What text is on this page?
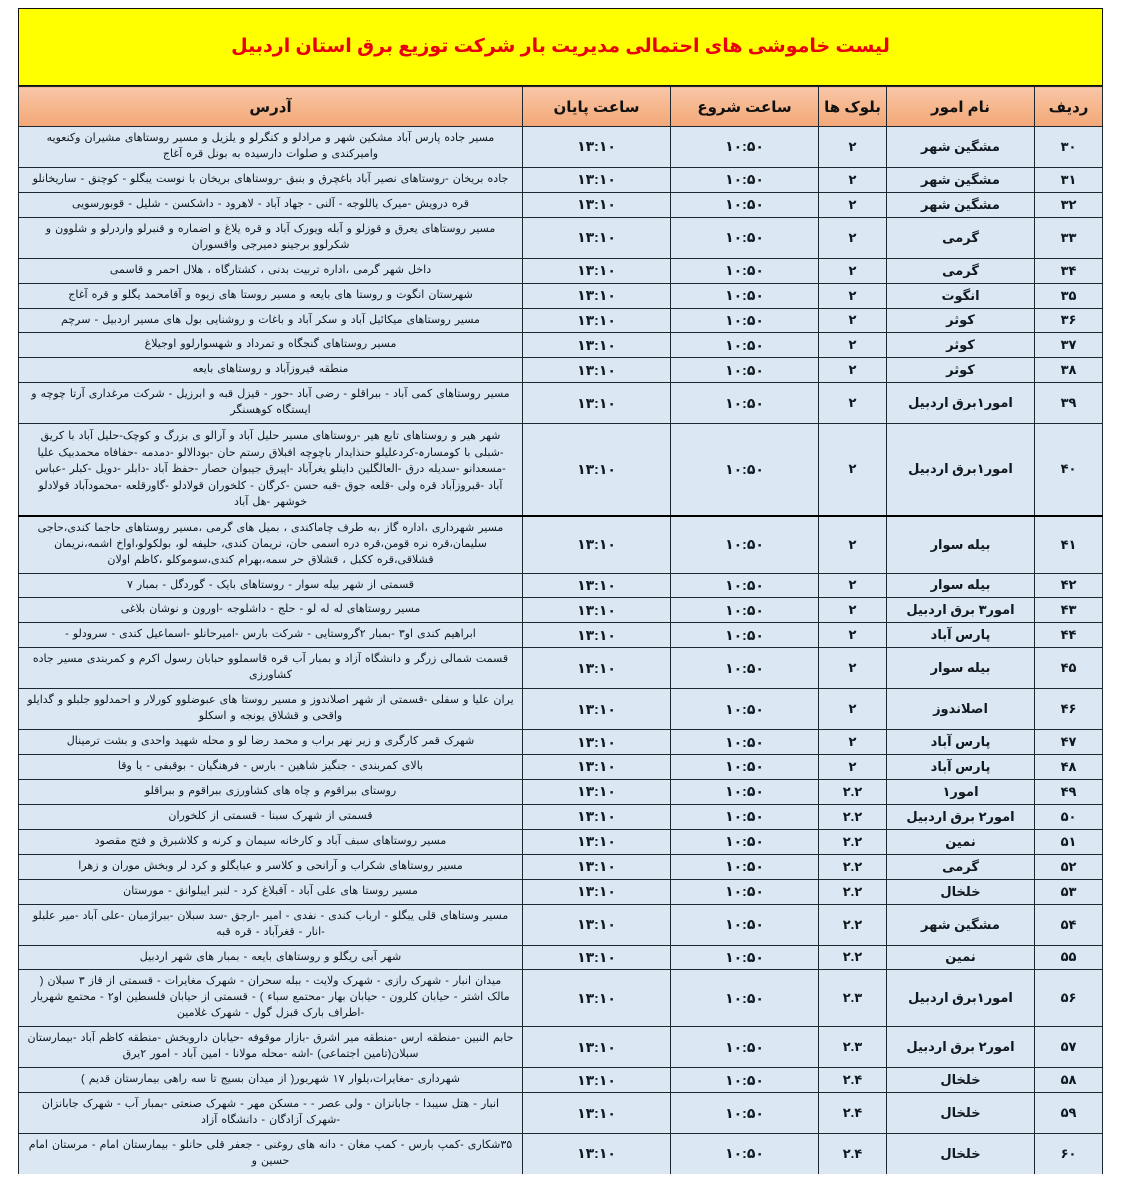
لیست خاموشی های احتمالی مدیریت بار شرکت توزیع برق استان اردبیل
ردیف	نام امور	بلوک ها	ساعت شروع	ساعت پایان	آدرس
۳۰	مشگین شهر	۲	۱۰:۵۰	۱۳:۱۰	مسیر جاده پارس آباد مشکین شهر و مرادلو و کنگرلو و یلزیل و مسیر روستاهای مشیران وکنعویه وامیرکندی و صلوات دارسیده به بونل قره آغاج
۳۱	مشگین شهر	۲	۱۰:۵۰	۱۳:۱۰	جاده بریخان -روستاهای نصیر آباد باغچرق و بنبق -روستاهای بریخان با نوست یبگلو - کوچنق - ساریخانلو
۳۲	مشگین شهر	۲	۱۰:۵۰	۱۳:۱۰	قره درویش -میرک یاللوجه - آلنی - جهاد آباد - لاهرود - داشکسن - شلیل - قوبورسویی
۳۳	گرمی	۲	۱۰:۵۰	۱۳:۱۰	مسیر روستاهای یعرق و قوزلو و آبله ویورک آباد و قره یلاغ و اضماره و قنبرلو واردرلو و شلوون و شکرلوو برجینو دمیرجی واقسوران
۳۴	گرمی	۲	۱۰:۵۰	۱۳:۱۰	داخل شهر گرمی ،اداره تربیت بدنی ، کشتارگاه ، هلال احمر و قاسمی
۳۵	انگوت	۲	۱۰:۵۰	۱۳:۱۰	شهرستان انگوت و روستا های بایعه و مسیر روستا های زیوه و آقامحمد یگلو و قره آغاج
۳۶	کوثر	۲	۱۰:۵۰	۱۳:۱۰	مسیر روستاهای میکائیل آباد و سکر آباد و باغات و روشنایی بول های مسیر اردبیل - سرچم
۳۷	کوثر	۲	۱۰:۵۰	۱۳:۱۰	مسیر روستاهای گنجگاه و تمرداد و شهسوارلوو اوجیلاغ
۳۸	کوثر	۲	۱۰:۵۰	۱۳:۱۰	منطقه فیروزآباد و روستاهای بایعه
۳۹	امور۱برق اردبیل	۲	۱۰:۵۰	۱۳:۱۰	مسیر روستاهای کمی آباد - ببراقلو - رضی آباد -حور - قیزل قبه و ابرزیل - شرکت مرغداری آرتا چوچه و ایستگاه کوهسنگر
۴۰	امور۱برق اردبیل	۲	۱۰:۵۰	۱۳:۱۰	شهر هیر و روستاهای تابع هیر -روستاهای مسیر حلیل آباد و آرالو ی بزرگ و کوچک-حلیل آباد با کریق -شبلی با کومسارہ-کردعلیلو حنذایدار باچوچه افبلاق رستم حان -بودالالو -دمدمه -حفافاه محمدبیک علیا -مسعدانو -سدیله درق -العالگلین داینلو یغرآباد -اپیرق جیبوان حصار -حفظ آباد -دابلر -دویل -کبلر -عباس آباد -قبروزآباد قره ولی -قلعه جوق -قبه حسن -کرگان - کلخوران قولادلو -گاورقلعه -محمودآباد قولادلو خوشهر -هل آباد
۴۱	بیله سوار	۲	۱۰:۵۰	۱۳:۱۰	مسیر شهرداری ،اداره گاز ،به طرف چاماکندی ، بمیل های گرمی ،مسیر روستاهای حاجما کندی،حاجی سلیمان،قره نره قومن،قره دره اسمی حان، نریمان کندی، حلیفه لو، بولکولو،اواخ اشمه،نریمان قشلاقی،قره ککبل ، قشلاق حر سمه،بهرام کندی،سوموکلو ،کاظم اولان
۴۲	بیله سوار	۲	۱۰:۵۰	۱۳:۱۰	قسمتی از شهر بیله سوار - روستاهای بایک - گوردگل - بمبار ۷
۴۳	امور۳ برق اردبیل	۲	۱۰:۵۰	۱۳:۱۰	مسیر روستاهای له له لو - حلج - داشلوجه -اورون و نوشان بلاغی
۴۴	پارس آباد	۲	۱۰:۵۰	۱۳:۱۰	ابراهیم کندی او۳ -بمبار ۲گروستایی - شرکت بارس -امیرحانلو -اسماعیل کندی - سرودلو -
۴۵	بیله سوار	۲	۱۰:۵۰	۱۳:۱۰	قسمت شمالی زرگر و دانشگاه آزاد و بمبار آب قره قاسملوو حبابان رسول اکرم و کمربندی مسیر جاده کشاورزی
۴۶	اصلاندوز	۲	۱۰:۵۰	۱۳:۱۰	یران علیا و سفلی -قسمتی از شهر اصلاندوز و مسیر روستا های عبوضلوو کورلار و احمدلوو جلبلو و گدایلو واقحی و قشلاق یونجه و اسکلو
۴۷	پارس آباد	۲	۱۰:۵۰	۱۳:۱۰	شهرک قمر کارگری و زیر نهر براب و محمد رضا لو و محله شهید واحدی و بشت ترمینال
۴۸	پارس آباد	۲	۱۰:۵۰	۱۳:۱۰	بالای کمربندی - جنگیز شاهین - بارس - فرهنگیان - بوقبفی - یا وقا
۴۹	امور۱	۲.۲	۱۰:۵۰	۱۳:۱۰	روستای ببراقوم و چاه های کشاورزی ببراقوم و ببراقلو
۵۰	امور۲ برق اردبیل	۲.۲	۱۰:۵۰	۱۳:۱۰	قسمتی از شهرک سبنا - قسمتی از کلخوران
۵۱	نمین	۲.۲	۱۰:۵۰	۱۳:۱۰	مسیر روستاهای سبف آباد و کارخانه سیمان و کرنه و کلاشبرق و فتح مقصود
۵۲	گرمی	۲.۲	۱۰:۵۰	۱۳:۱۰	مسیر روستاهای شکراب و آرانحی و کلاسر و عبایگلو و کرد لر وبخش موران و زهرا
۵۳	خلخال	۲.۲	۱۰:۵۰	۱۳:۱۰	مسیر روستا های علی آباد - آقبلاغ کرد - لنبر ایبلوانق - مورستان
۵۴	مشگین شهر	۲.۲	۱۰:۵۰	۱۳:۱۰	مسیر وستاهای قلی یبگلو - ارباب کندی - نفدی - امیر -ارجق -سد سبلان -ببراژمبان -علی آباد -میر علبلو -انار - قغرآباد - قره قبه
۵۵	نمین	۲.۲	۱۰:۵۰	۱۳:۱۰	شهر آبی ریگلو و روستاهای بایعه - بمبار های شهر اردبیل
۵۶	امور۱برق اردبیل	۲.۳	۱۰:۵۰	۱۳:۱۰	میدان انبار - شهرک رازی - شهرک ولایت - ببله سحران - شهرک مغایرات - قسمتی از قاز ۳ سبلان ( مالک اشتر - حیابان کلرون - حیابان بهار -محتمع سباء ) - قسمتی از حیابان فلسطین او۲ - محتمع شهریار -اطراف بارک قبزل گول - شهرک غلامین
۵۷	امور۲ برق اردبیل	۲.۳	۱۰:۵۰	۱۳:۱۰	حابم النبین -منطقه ارس -منطقه میر اشرق -بازار موقوفه -حیابان داروبخش -منطقه کاظم آباد -بیمارستان سبلان(تامین اجتماعی) -اشه -محله مولانا - امین آباد - امور ۲یرق
۵۸	خلخال	۲.۴	۱۰:۵۰	۱۳:۱۰	شهرداری -مغایرات،یلوار ۱۷ شهریور( از میدان بسیج تا سه راهی بیمارستان قدیم )
۵۹	خلخال	۲.۴	۱۰:۵۰	۱۳:۱۰	انبار - هتل سیبدا - جابانزان - ولی عصر - - مسکن مهر - شهرک صنعتی -بمبار آب - شهرک جابانزان -شهرک آزادگان - دانشگاه آزاد
۶۰	خلخال	۲.۴	۱۰:۵۰	۱۳:۱۰	۳۵شکاری -کمپ بارس - کمپ مغان - دانه های روغنی - جعفر قلی حانلو - بیمارستان امام - مرستان امام حسین و
